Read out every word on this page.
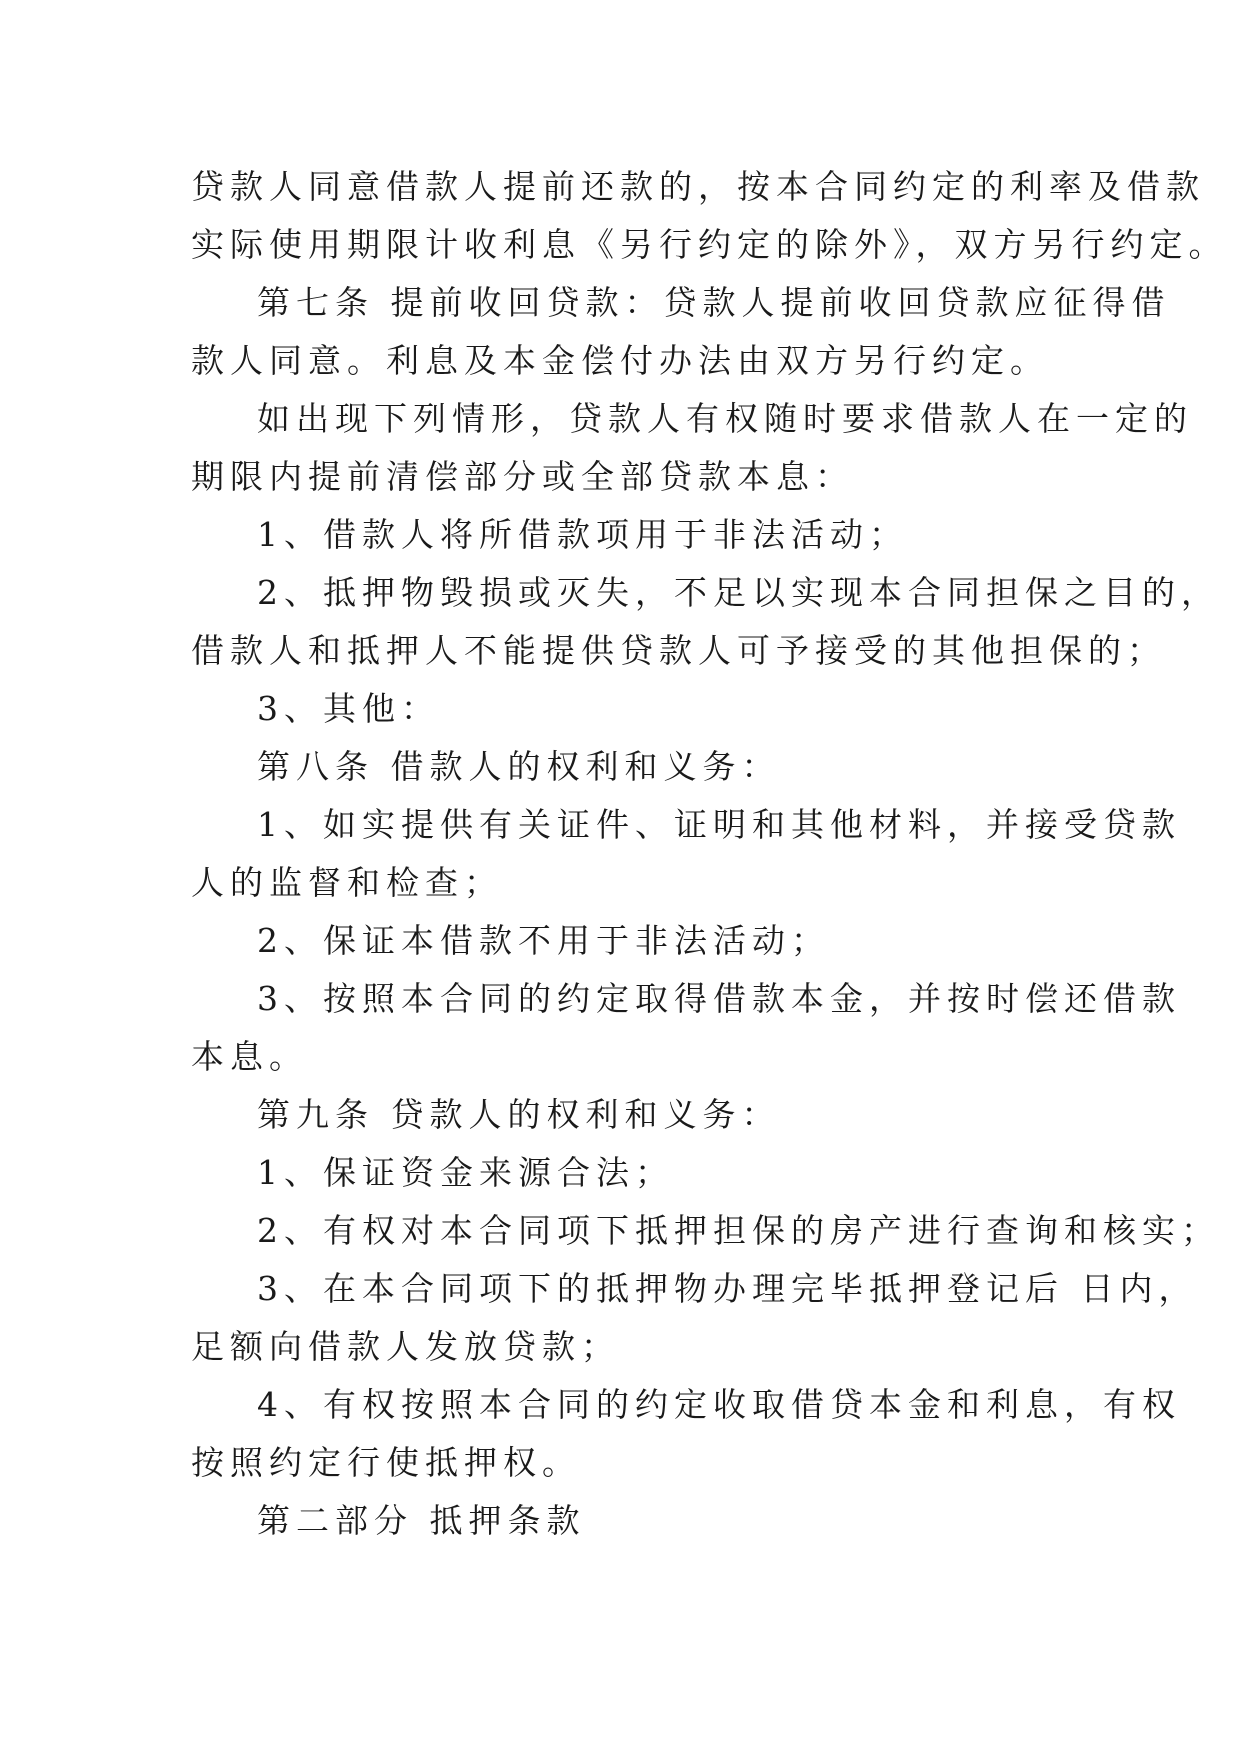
贷款人同意借款人提前还款的，按本合同约定的利率及借款

实际使用期限计收利息《另行约定的除外》，双方另行约定。

第七条 提前收回贷款：贷款人提前收回贷款应征得借

款人同意。利息及本金偿付办法由双方另行约定。

如出现下列情形，贷款人有权随时要求借款人在一定的

期限内提前清偿部分或全部贷款本息：

1、借款人将所借款项用于非法活动；

2、抵押物毁损或灭失，不足以实现本合同担保之目的，

借款人和抵押人不能提供贷款人可予接受的其他担保的；

3、其他：

第八条 借款人的权利和义务：

1、如实提供有关证件、证明和其他材料，并接受贷款

人的监督和检查；

2、保证本借款不用于非法活动；

3、按照本合同的约定取得借款本金，并按时偿还借款

本息。

第九条 贷款人的权利和义务：

1、保证资金来源合法；

2、有权对本合同项下抵押担保的房产进行查询和核实；

3、在本合同项下的抵押物办理完毕抵押登记后 日内，

足额向借款人发放贷款；

4、有权按照本合同的约定收取借贷本金和利息，有权

按照约定行使抵押权。

第二部分 抵押条款
